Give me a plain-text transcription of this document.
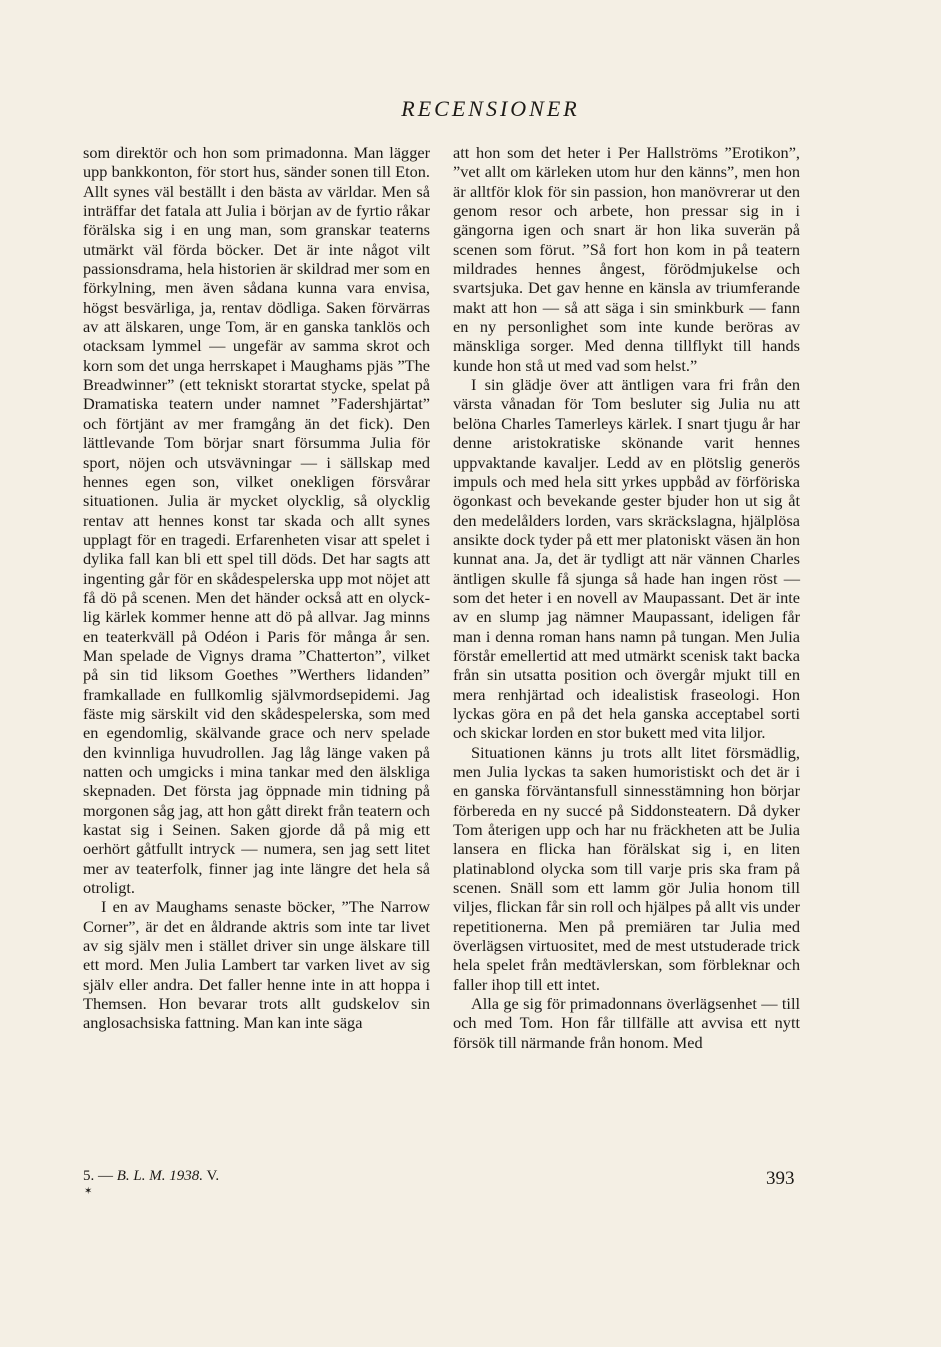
RECENSIONER

som direktör och hon som primadonna. Man lägger upp bankkonton, för stort hus, sänder sonen till Eton. Allt synes väl beställt i den bästa av världar. Men så inträffar det fatala att Julia i början av de fyrtio råkar förälska sig i en ung man, som granskar teaterns utmärkt väl förda böcker. Det är inte något vilt passionsdrama, hela historien är skildrad mer som en förkylning, men även sådana kunna vara envisa, högst besvärliga, ja, rentav dödliga. Saken förvärras av att älskaren, unge Tom, är en ganska tanklös och otacksam lymmel — ungefär av samma skrot och korn som det unga herrskapet i Maughams pjäs ”The Breadwinner” (ett tekniskt storartat stycke, spelat på Dramatiska teatern under namnet ”Fadershjärtat” och förtjänt av mer framgång än det fick). Den lättlevande Tom börjar snart försumma Julia för sport, nöjen och utsvävningar — i sällskap med hennes egen son, vilket onekligen försvårar situationen. Julia är mycket olycklig, så olycklig rentav att hennes konst tar skada och allt synes upplagt för en tragedi. Erfarenheten visar att spelet i dylika fall kan bli ett spel till döds. Det har sagts att ingenting går för en skådespelerska upp mot nöjet att få dö på scenen. Men det händer också att en olycklig kärlek kommer henne att dö på allvar. Jag minns en teaterkväll på Odéon i Paris för många år sen. Man spelade de Vignys drama ”Chatterton”, vilket på sin tid liksom Goethes ”Werthers lidanden” framkallade en fullkomlig självmordsepidemi. Jag fäste mig särskilt vid den skådespelerska, som med en egendomlig, skälvande grace och nerv spelade den kvinnliga huvudrollen. Jag låg länge vaken på natten och umgicks i mina tankar med den älskliga skepnaden. Det första jag öppnade min tidning på morgonen såg jag, att hon gått direkt från teatern och kastat sig i Seinen. Saken gjorde då på mig ett oerhört gåtfullt intryck — numera, sen jag sett litet mer av teaterfolk, finner jag inte längre det hela så otroligt.

I en av Maughams senaste böcker, ”The Narrow Corner”, är det en åldrande aktris som inte tar livet av sig själv men i stället driver sin unge älskare till ett mord. Men Julia Lambert tar varken livet av sig själv eller andra. Det faller henne inte in att hoppa i Themsen. Hon bevarar trots allt gudskelov sin anglosachsiska fattning. Man kan inte säga

att hon som det heter i Per Hallströms ”Erotikon”, ”vet allt om kärleken utom hur den känns”, men hon är alltför klok för sin passion, hon manövrerar ut den genom resor och arbete, hon pressar sig in i gängorna igen och snart är hon lika suverän på scenen som förut. ”Så fort hon kom in på teatern mildrades hennes ångest, förödmjukelse och svartsjuka. Det gav henne en känsla av triumferande makt att hon — så att säga i sin sminkburk — fann en ny personlighet som inte kunde beröras av mänskliga sorger. Med denna tillflykt till hands kunde hon stå ut med vad som helst.”

I sin glädje över att äntligen vara fri från den värsta vånadan för Tom besluter sig Julia nu att belöna Charles Tamerleys kärlek. I snart tjugu år har denne aristokratiske skönande varit hennes uppvaktande kavaljer. Ledd av en plötslig generös impuls och med hela sitt yrkes uppbåd av förföriska ögonkast och bevekande gester bjuder hon ut sig åt den medelålders lorden, vars skräckslagna, hjälplösa ansikte dock tyder på ett mer platoniskt väsen än hon kunnat ana. Ja, det är tydligt att när vännen Charles äntligen skulle få sjunga så hade han ingen röst — som det heter i en novell av Maupassant. Det är inte av en slump jag nämner Maupassant, ideligen får man i denna roman hans namn på tungan. Men Julia förstår emellertid att med utmärkt scenisk takt backa från sin utsatta position och övergår mjukt till en mera renhjärtad och idealistisk fraseologi. Hon lyckas göra en på det hela ganska acceptabel sorti och skickar lorden en stor bukett med vita liljor.

Situationen känns ju trots allt litet försmädlig, men Julia lyckas ta saken humoristiskt och det är i en ganska förväntansfull sinnesstämning hon börjar förbereda en ny succé på Siddonsteatern. Då dyker Tom återigen upp och har nu fräckheten att be Julia lansera en flicka han förälskat sig i, en liten platinablond olycka som till varje pris ska fram på scenen. Snäll som ett lamm gör Julia honom till viljes, flickan får sin roll och hjälpes på allt vis under repetitionerna. Men på premiären tar Julia med överlägsen virtuositet, med de mest utstuderade trick hela spelet från medtävlerskan, som förbleknar och faller ihop till ett intet.

Alla ge sig för primadonnans överlägsenhet — till och med Tom. Hon får tillfälle att avvisa ett nytt försök till närmande från honom. Med

5. — B. L. M. 1938. V.
✶
393
